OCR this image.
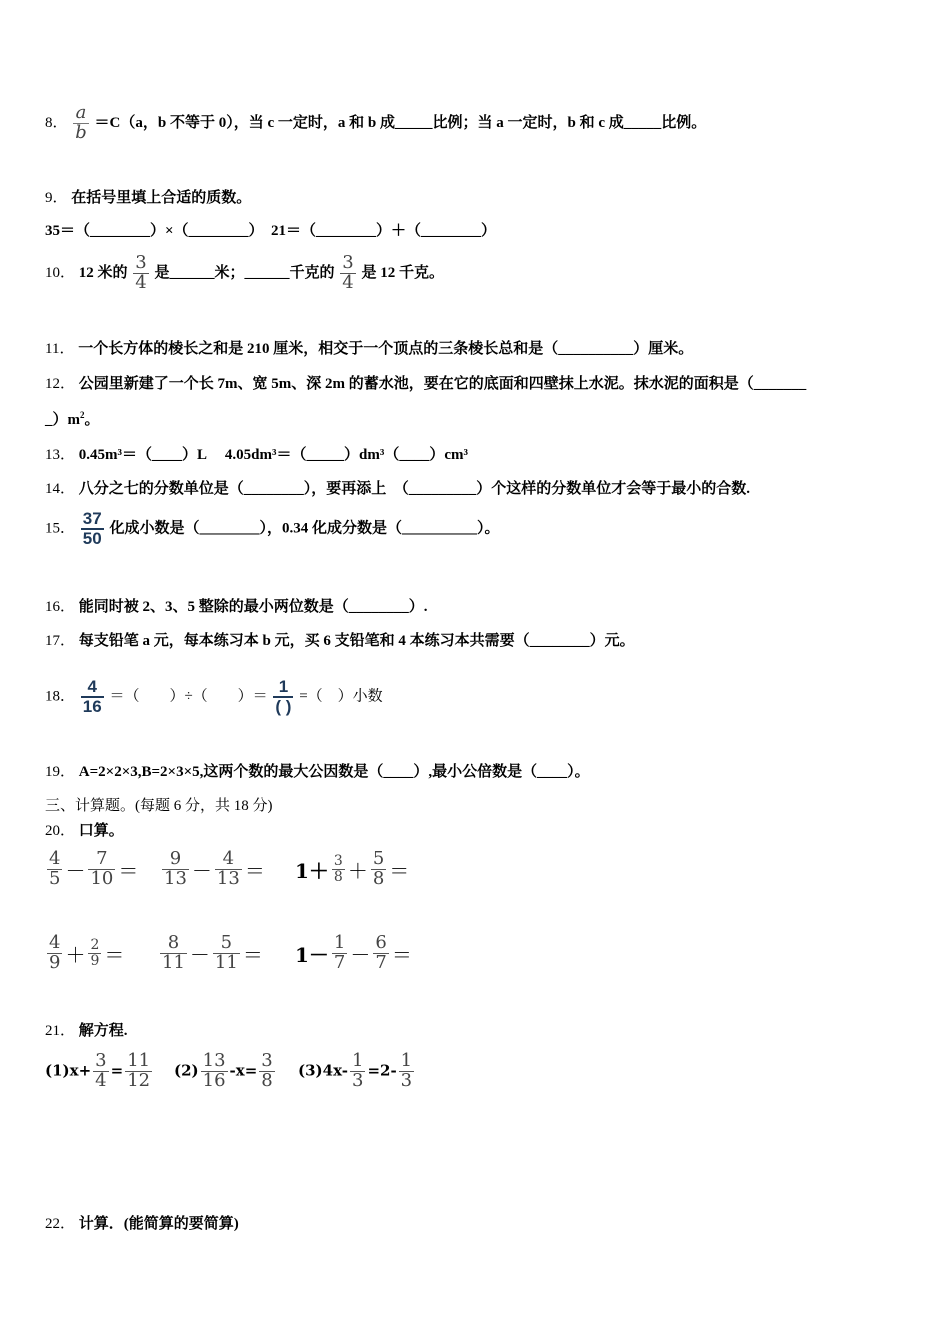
8． $\frac{a}{b} =C(a$，b 不等于 0），当 c 一定时，a 和 b 成_____比例；当 a 一定时，b 和 c 成_____比例。
9． 在括号里填上合适的质数。
35＝（________）×（________）　21＝（________）＋（________）
10． 12 米的 $\frac{3}{4}$ 是______米；______千克的 $\frac{3}{4}$ 是 12 千克。
11． 一个长方体的棱长之和是 210 厘米，相交于一个顶点的三条棱长总和是（__________）厘米。
12． 公园里新建了一个长 7m、宽 5m、深 2m 的蓄水池，要在它的底面和四壁抹上水泥。抹水泥的面积是（_______
$\_)m^2$。
13． 0.45m³＝（____）L　 4.05dm³＝（_____）dm³（____）cm³
14． 八分之七的分数单位是（________），要再添上　（_________）个这样的分数单位才会等于最小的合数.
15． $\frac{37}{50}$ 化成小数是（________），0.34 化成分数是（__________）。
16． 能同时被 2、3、5 整除的最小两位数是（________）.
17． 每支铅笔 a 元，每本练习本 b 元，买 6 支铅笔和 4 本练习本共需要（________）元。
18． $\frac{4}{16}$ ＝（　　）÷（　　）＝ $\frac{1}{( )}$ =（　）小数
19． A=2×2×3,B=2×3×5,这两个数的最大公因数是（____）,最小公倍数是（____）。
三、计算题。(每题 6 分，共 18 分)
20． 口算。
$\frac{4}{5} - \frac{7}{10} = \frac{9}{13} - \frac{4}{13} = 1+ \frac{3}{8} + \frac{5}{8}$ ＝
$\frac{4}{9} + \frac{2}{9} = \frac{8}{11} - \frac{5}{11} = 1- \frac{1}{7} - \frac{6}{7}$ ＝
21． 解方程.
$(1)x+ \frac{3}{4} = \frac{11}{12} (2) \frac{13}{16} -x= \frac{3}{8} (3)4x- \frac{1}{3} =2- \frac{1}{3}$
22． 计算．(能简算的要简算)
